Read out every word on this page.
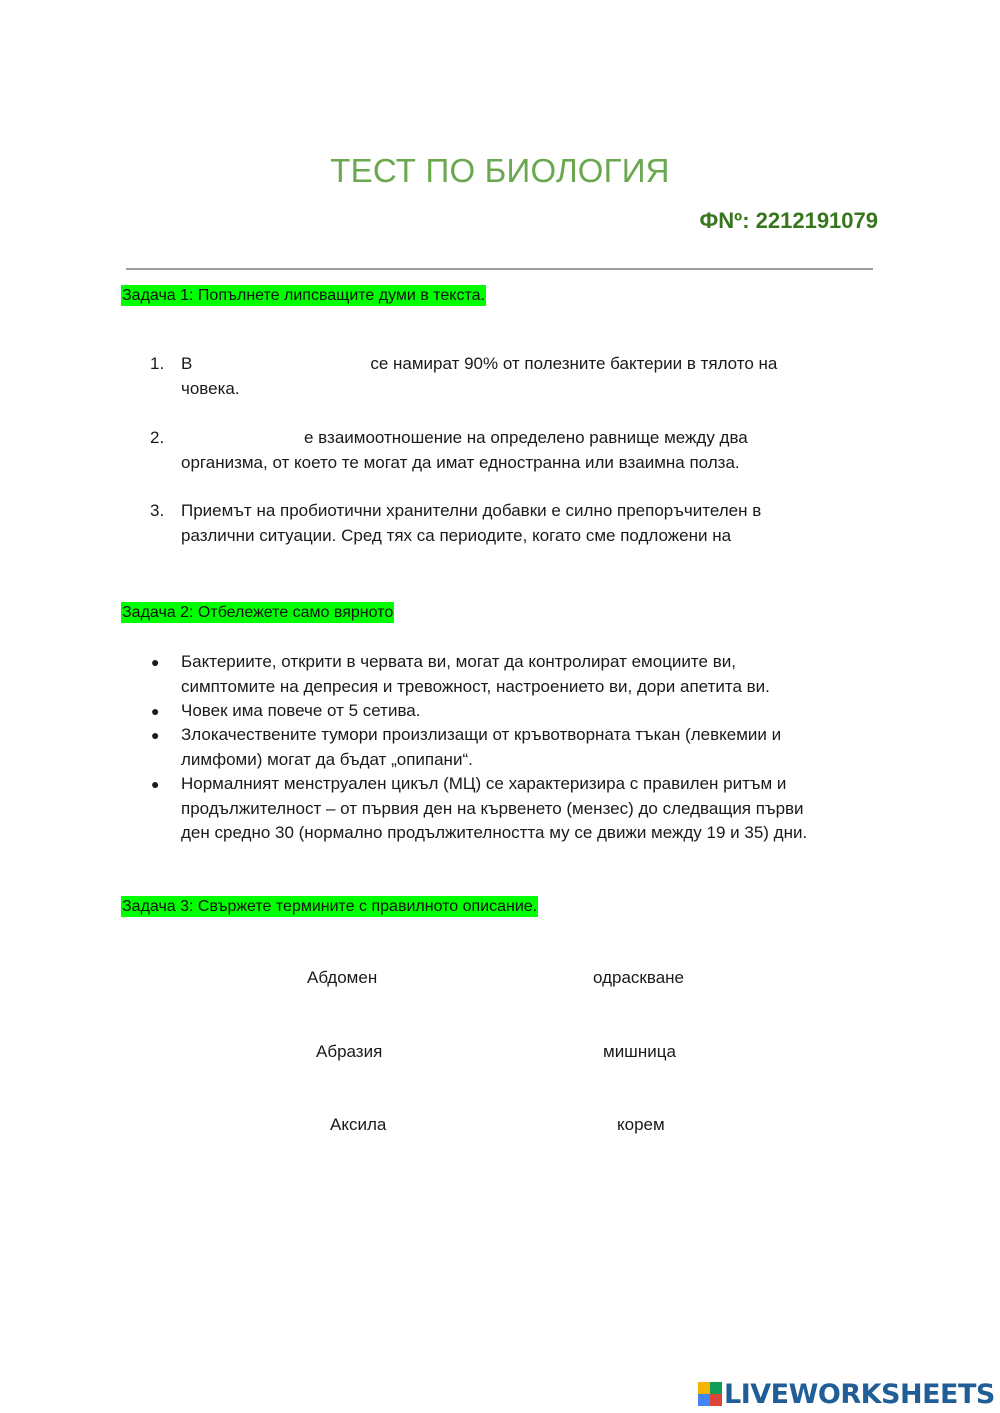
ТЕСТ ПО БИОЛОГИЯ
ФNº: 2212191079
Задача 1: Попълнете липсващите думи в текста.
1. В	се намират 90% от полезните бактерии в тялото на
човека.
2.	е взаимоотношение на определено равнище между два
организма, от което те могат да имат едностранна или взаимна полза.
3. Приемът на пробиотични хранителни добавки е силно препоръчителен в
различни ситуации. Сред тях са периодите, когато сме подложени на
Задача 2: Отбележете само вярното
● Бактериите, открити в червата ви, могат да контролират емоциите ви,
симптомите на депресия и тревожност, настроението ви, дори апетита ви.
● Човек има повече от 5 сетива.
● Злокачествените тумори произлизащи от кръвотворната тъкан (левкемии и
лимфоми) могат да бъдат „опипани“.
● Нормалният менструален цикъл (МЦ) се характеризира с правилен ритъм и
продължителност – от първия ден на кървенето (мензес) до следващия първи
ден средно 30 (нормално продължителността му се движи между 19 и 35) дни.
Задача 3: Свържете термините с правилното описание.
Абдомен
Абразия
Аксила
одраскване
мишница
корем
LIVEWORKSHEETS
